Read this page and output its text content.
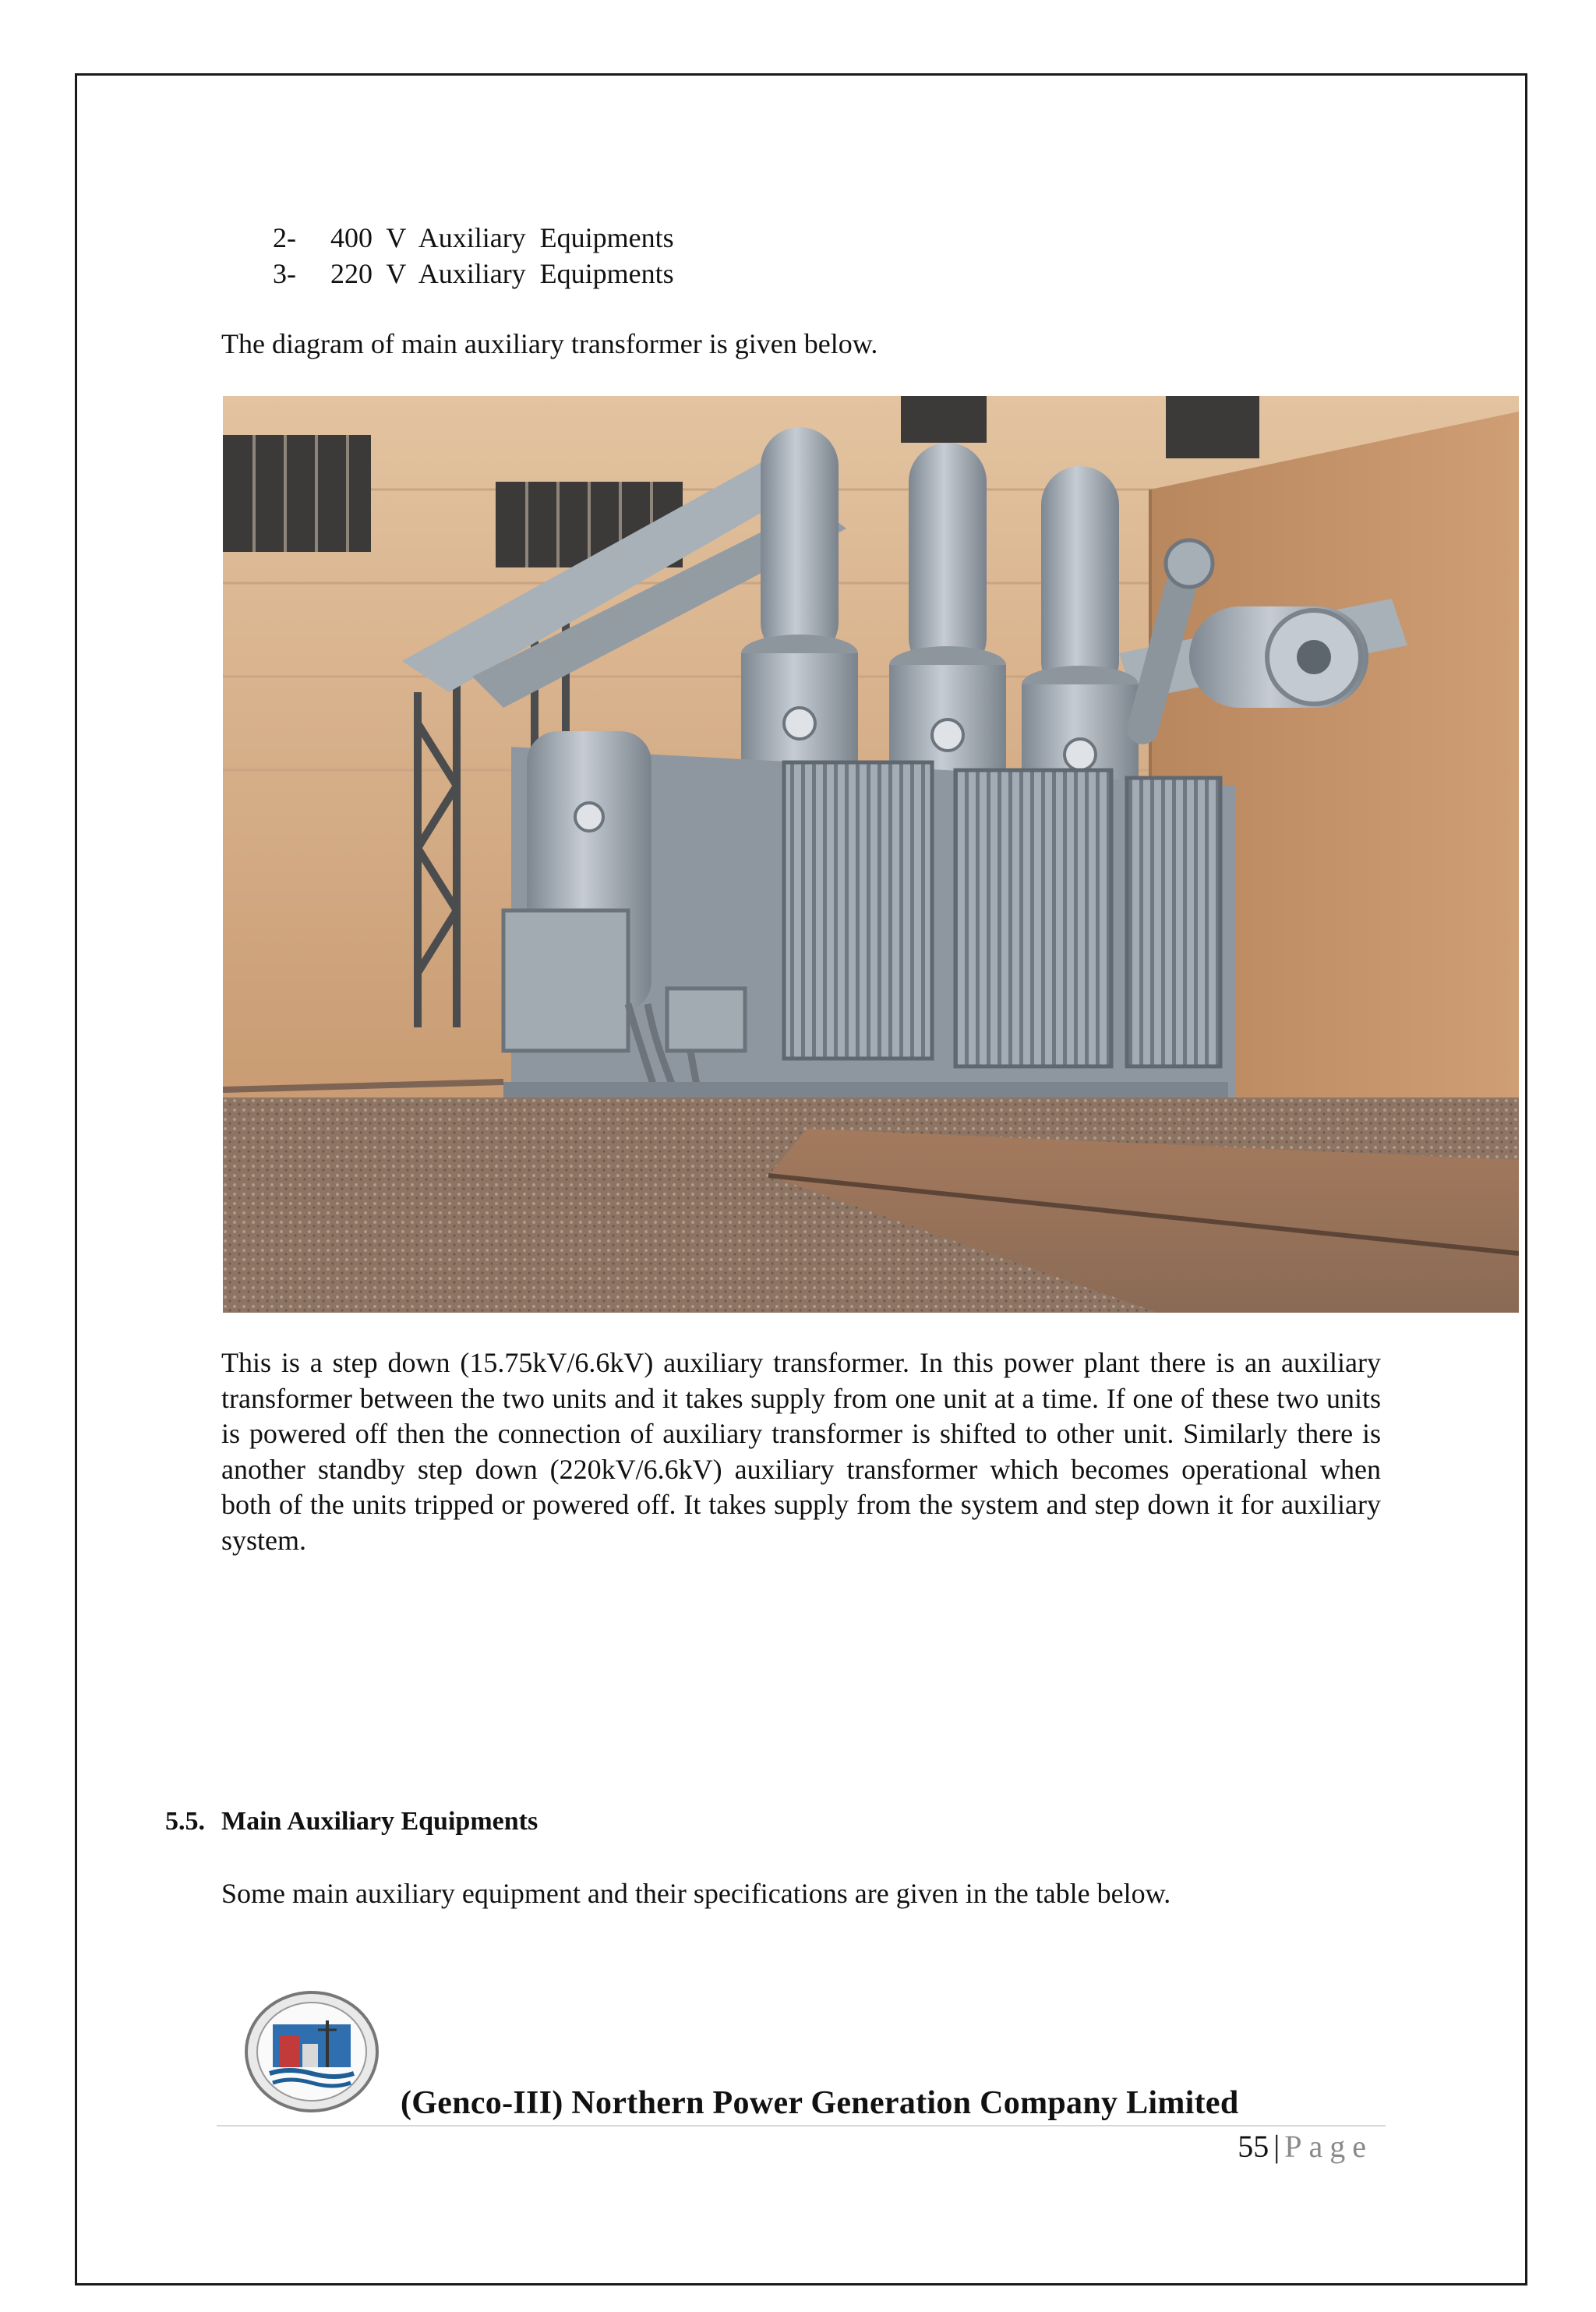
2-	400 V Auxiliary Equipments
3-	220 V Auxiliary Equipments

The diagram of main auxiliary transformer is given below.

This is a step down (15.75kV/6.6kV) auxiliary transformer. In this power plant there is an auxiliary transformer between the two units and it takes supply from one unit at a time. If one of these two units is powered off then the connection of auxiliary transformer is shifted to other unit. Similarly there is another standby step down (220kV/6.6kV) auxiliary transformer which becomes operational when both of the units tripped or powered off. It takes supply from the system and step down it for auxiliary system.

5.5. Main Auxiliary Equipments

Some main auxiliary equipment and their specifications are given in the table below.

(Genco-III) Northern Power Generation Company Limited
55 | Page
